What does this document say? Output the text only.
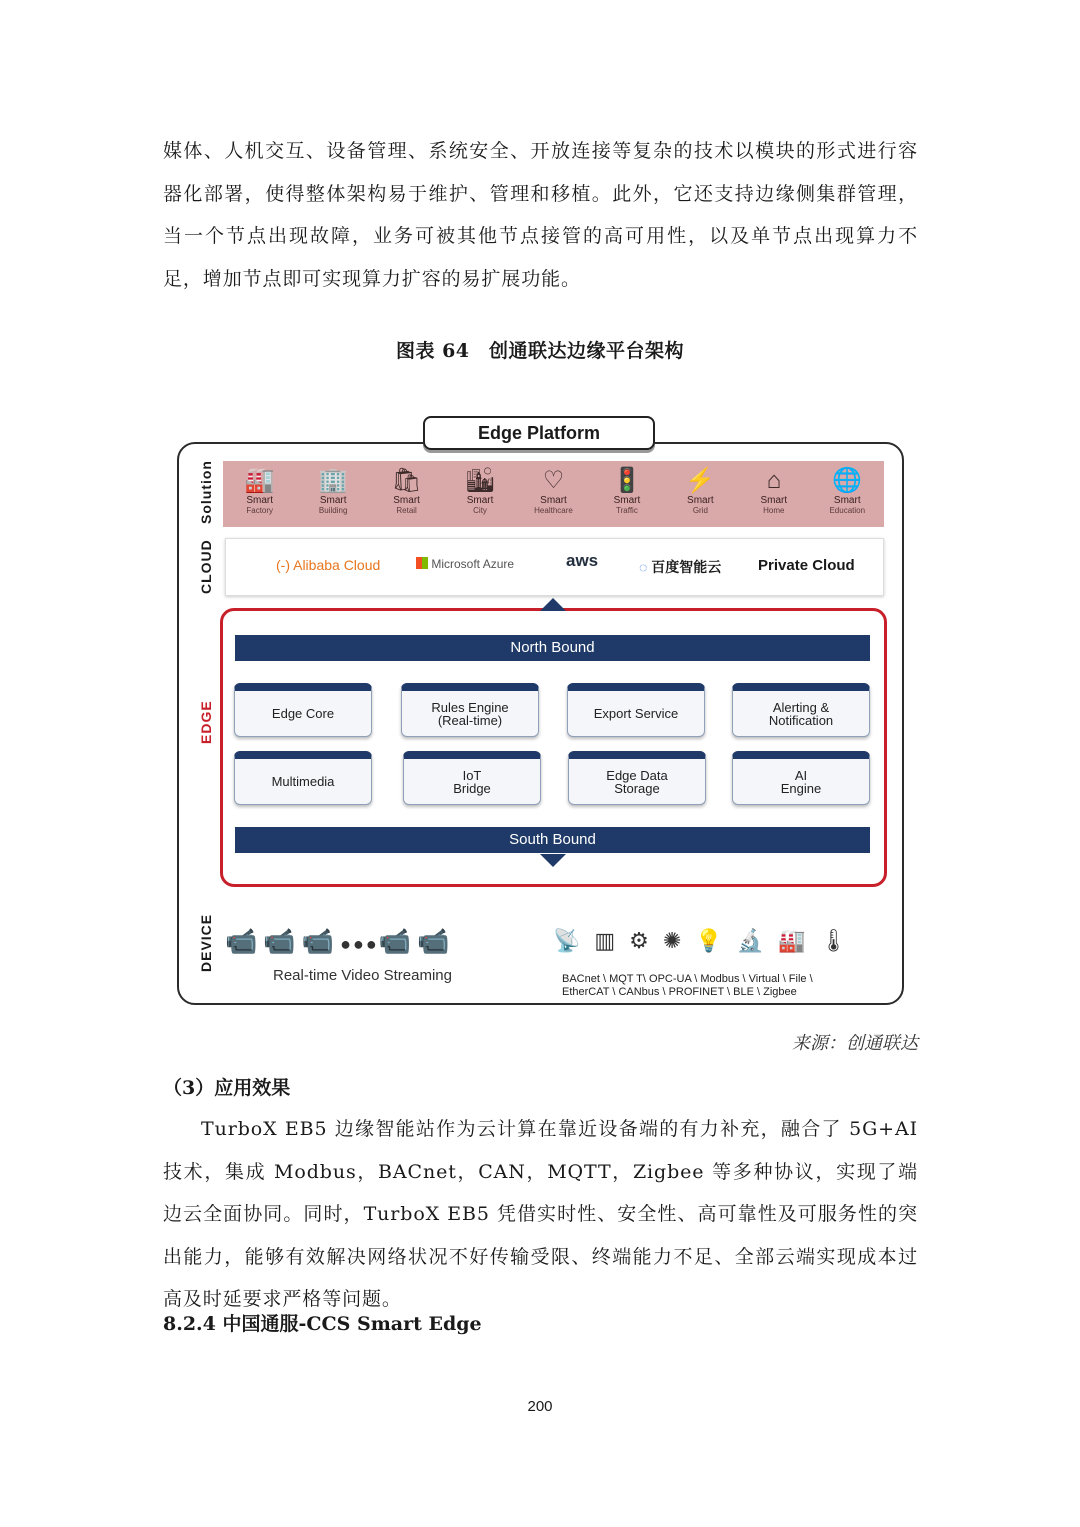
媒体、人机交互、设备管理、系统安全、开放连接等复杂的技术以模块的形式进行容器化部署，使得整体架构易于维护、管理和移植。此外，它还支持边缘侧集群管理，当一个节点出现故障，业务可被其他节点接管的高可用性，以及单节点出现算力不足，增加节点即可实现算力扩容的易扩展功能。

图表 64　创通联达边缘平台架构
Edge Platform
Solution
CLOUD
EDGE
DEVICE
🏭
Smart
Factory
🏢
Smart
Building
🛍
Smart
Retail
🏙
Smart
City
♡
Smart
Healthcare
🚦
Smart
Traffic
⚡
Smart
Grid
⌂
Smart
Home
🌐
Smart
Education
(-) Alibaba Cloud	Microsoft Azure	aws	◌ 百度智能云 Private Cloud
North Bound
Edge Core	Rules Engine
(Real-time)	Export Service	Alerting &
Notification
Multimedia	IoT
Bridge
Edge Data
Storage
AI
Engine
South Bound
📹📹📹●●●📹📹
Real-time Video Streaming
📡▥⚙✺💡🔬🏭🌡
BACnet \ MQT T\ OPC-UA \ Modbus \ Virtual \ File \
EtherCAT \ CANbus \ PROFINET \ BLE \ Zigbee
来源：创通联达
（3）应用效果

TurboX EB5 边缘智能站作为云计算在靠近设备端的有力补充，融合了 5G+AI 技术，集成 Modbus，BACnet，CAN，MQTT，Zigbee 等多种协议，实现了端边云全面协同。同时，TurboX EB5 凭借实时性、安全性、高可靠性及可服务性的突出能力，能够有效解决网络状况不好传输受限、终端能力不足、全部云端实现成本过高及时延要求严格等问题。

8.2.4 中国通服-CCS Smart Edge
200
